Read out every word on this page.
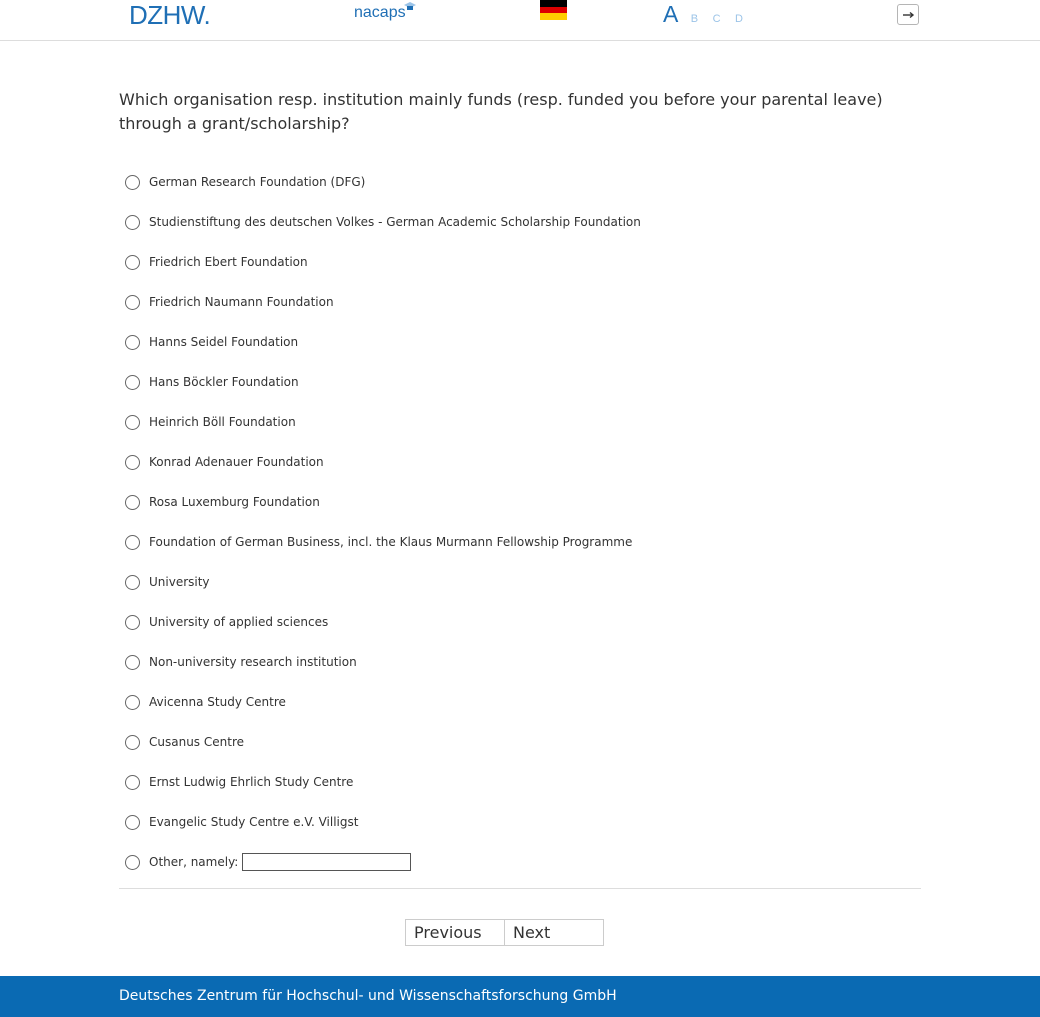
DZHW.	nacaps	A B C D

Which organisation resp. institution mainly funds (resp. funded you before your parental leave) through a grant/scholarship?

German Research Foundation (DFG)
Studienstiftung des deutschen Volkes - German Academic Scholarship Foundation
Friedrich Ebert Foundation
Friedrich Naumann Foundation
Hanns Seidel Foundation
Hans Böckler Foundation
Heinrich Böll Foundation
Konrad Adenauer Foundation
Rosa Luxemburg Foundation
Foundation of German Business, incl. the Klaus Murmann Fellowship Programme
University
University of applied sciences
Non-university research institution
Avicenna Study Centre
Cusanus Centre
Ernst Ludwig Ehrlich Study Centre
Evangelic Study Centre e.V. Villigst
Other, namely:
Previous	Next
Deutsches Zentrum für Hochschul- und Wissenschaftsforschung GmbH
